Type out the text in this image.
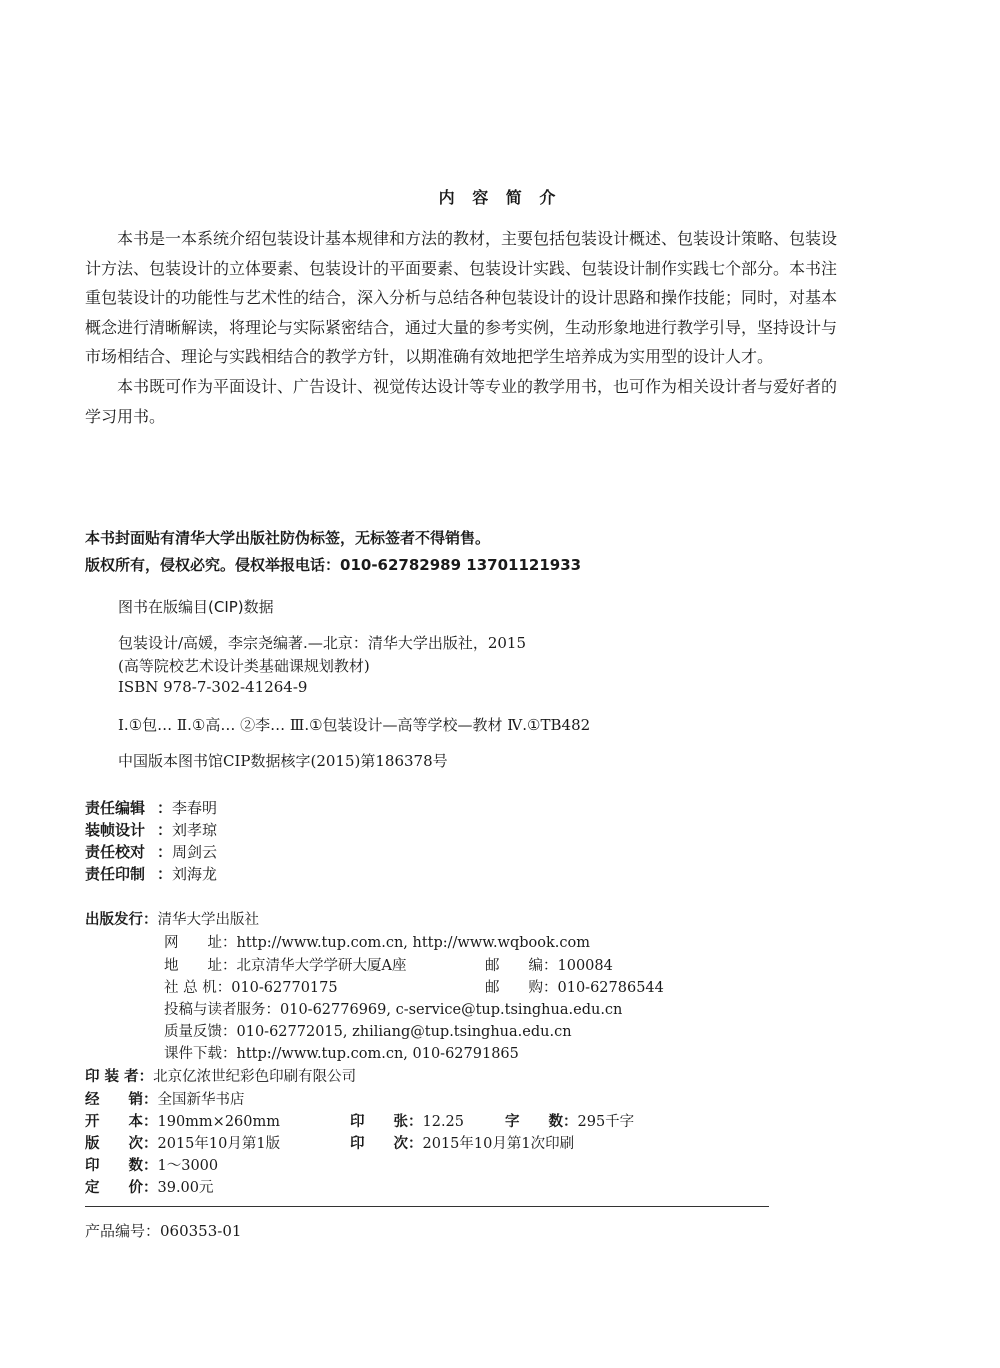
内 容 简 介

本书是一本系统介绍包装设计基本规律和方法的教材，主要包括包装设计概述、包装设计策略、包装设

计方法、包装设计的立体要素、包装设计的平面要素、包装设计实践、包装设计制作实践七个部分。本书注
重包装设计的功能性与艺术性的结合，深入分析与总结各种包装设计的设计思路和操作技能；同时，对基本
概念进行清晰解读，将理论与实际紧密结合，通过大量的参考实例，生动形象地进行教学引导，坚持设计与
市场相结合、理论与实践相结合的教学方针，以期准确有效地把学生培养成为实用型的设计人才。

本书既可作为平面设计、广告设计、视觉传达设计等专业的教学用书，也可作为相关设计者与爱好者的

学习用书。

本书封面贴有清华大学出版社防伪标签，无标签者不得销售。
版权所有，侵权必究。侵权举报电话：010-62782989 13701121933
图书在版编目(CIP)数据
包装设计/高媛，李宗尧编著.—北京：清华大学出版社，2015
(高等院校艺术设计类基础课规划教材)
ISBN 978-7-302-41264-9
Ⅰ.①包… Ⅱ.①高… ②李… Ⅲ.①包装设计—高等学校—教材 Ⅳ.①TB482
中国版本图书馆CIP数据核字(2015)第186378号
责任编辑 ：李春明
装帧设计 ：刘孝琼
责任校对 ：周剑云
责任印制 ：刘海龙
出版发行：清华大学出版社
网　　址：http://www.tup.com.cn, http://www.wqbook.com
地　　址：北京清华大学学研大厦A座	邮　　编：100084
社 总 机：010-62770175	邮　　购：010-62786544
投稿与读者服务：010-62776969, c-service@tup.tsinghua.edu.cn
质量反馈：010-62772015, zhiliang@tup.tsinghua.edu.cn
课件下载：http://www.tup.com.cn, 010-62791865
印 装 者：北京亿浓世纪彩色印刷有限公司
经　　销：全国新华书店
开　　本：190mm×260mm	印　　张：12.25	字　　数：295千字
版　　次：2015年10月第1版	印　　次：2015年10月第1次印刷
印　　数：1～3000
定　　价：39.00元
产品编号：060353-01
